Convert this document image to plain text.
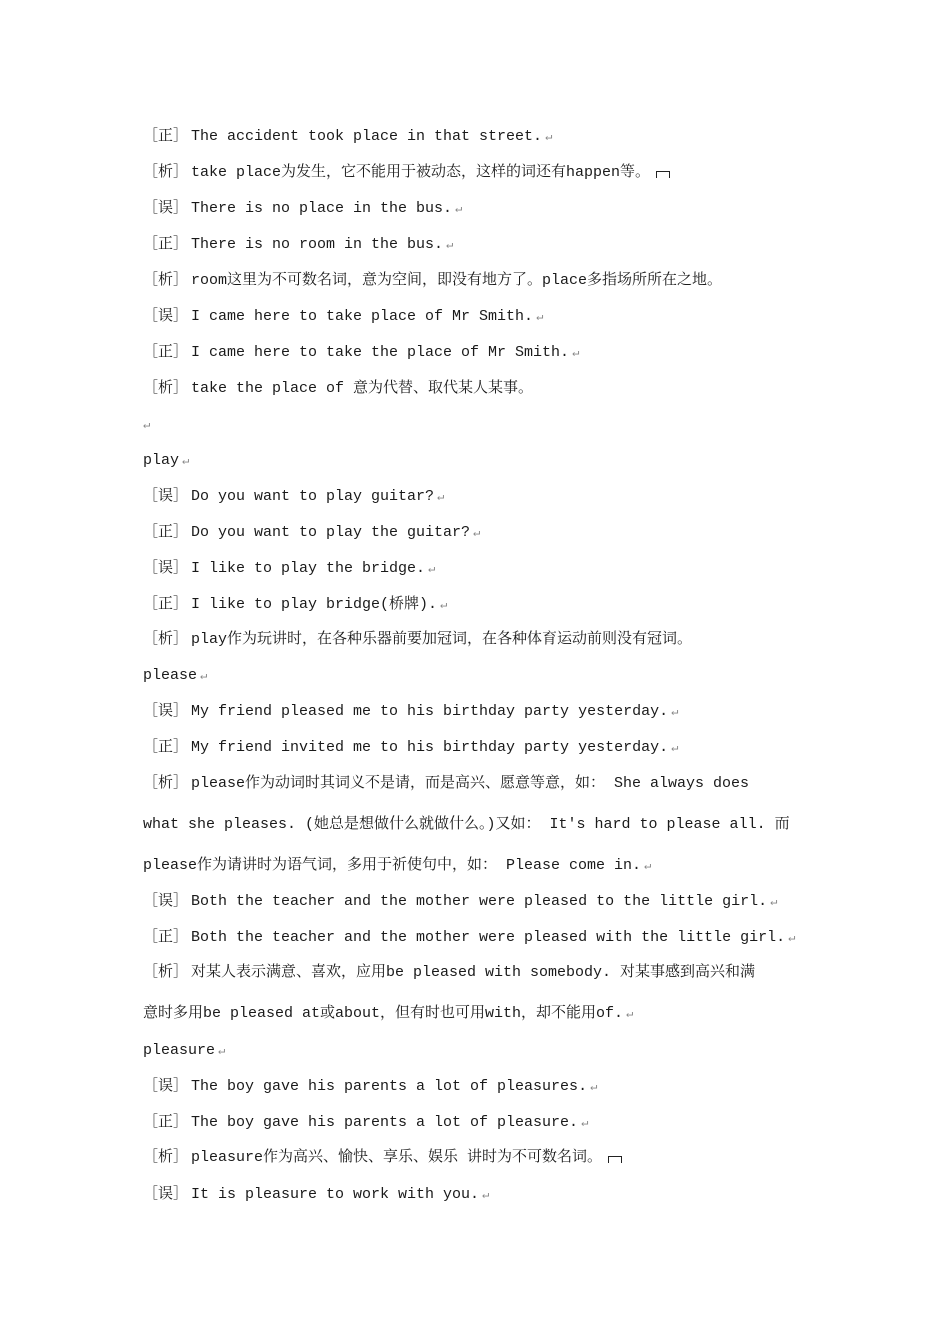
［正］ The accident took place in that street. ↵
［析］ take place为发生，它不能用于被动态，这样的词还有happen等。
［误］ There is no place in the bus. ↵
［正］ There is no room in the bus. ↵
［析］ room这里为不可数名词，意为空间，即没有地方了。place多指场所所在之地。
［误］ I came here to take place of Mr Smith. ↵
［正］ I came here to take the place of Mr Smith. ↵
［析］ take the place of 意为代替、取代某人某事。
↵
play ↵
［误］ Do you want to play guitar? ↵
［正］ Do you want to play the guitar? ↵
［误］ I like to play the bridge. ↵
［正］ I like to play bridge(桥牌). ↵
［析］ play作为玩讲时，在各种乐器前要加冠词，在各种体育运动前则没有冠词。
please ↵
［误］ My friend pleased me to his birthday party yesterday. ↵
［正］ My friend invited me to his birthday party yesterday. ↵
［析］ please作为动词时其词义不是请，而是高兴、愿意等意，如： She always does
what she pleases. (她总是想做什么就做什么。)又如： It's hard to please all. 而
please作为请讲时为语气词，多用于祈使句中，如： Please come in. ↵
［误］ Both the teacher and the mother were pleased to the little girl. ↵
［正］ Both the teacher and the mother were pleased with the little girl. ↵
［析］ 对某人表示满意、喜欢，应用be pleased with somebody. 对某事感到高兴和满
意时多用be pleased at或about，但有时也可用with，却不能用of. ↵
pleasure ↵
［误］ The boy gave his parents a lot of pleasures. ↵
［正］ The boy gave his parents a lot of pleasure. ↵
［析］ pleasure作为高兴、愉快、享乐、娱乐 讲时为不可数名词。
［误］ It is pleasure to work with you. ↵
